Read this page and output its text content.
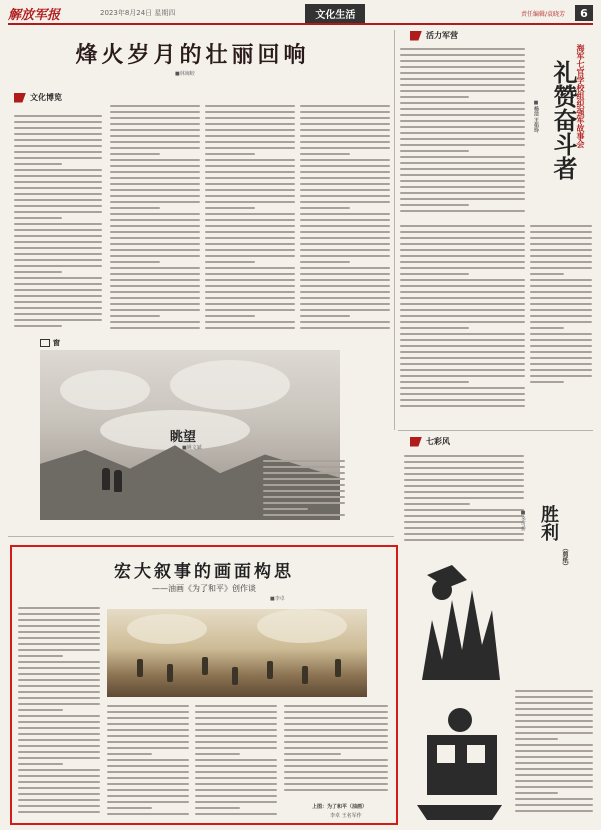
解放军报	2023年8月24日 星期四	文化生活	责任编辑/袁晓芳	6
烽火岁月的壮丽回响
■林闽蛟
文化博览
活力军营
海军七官学校组织强军故事会
礼赞奋斗者
■杨洁 王佑玲
窗
眺望
■姚文斌
宏大叙事的画面构思
——油画《为了和平》创作谈
■李卓
上图：为了和平（油画）
李卓 王名军作
七彩风
胜利
（剪纸）
■多可拼
